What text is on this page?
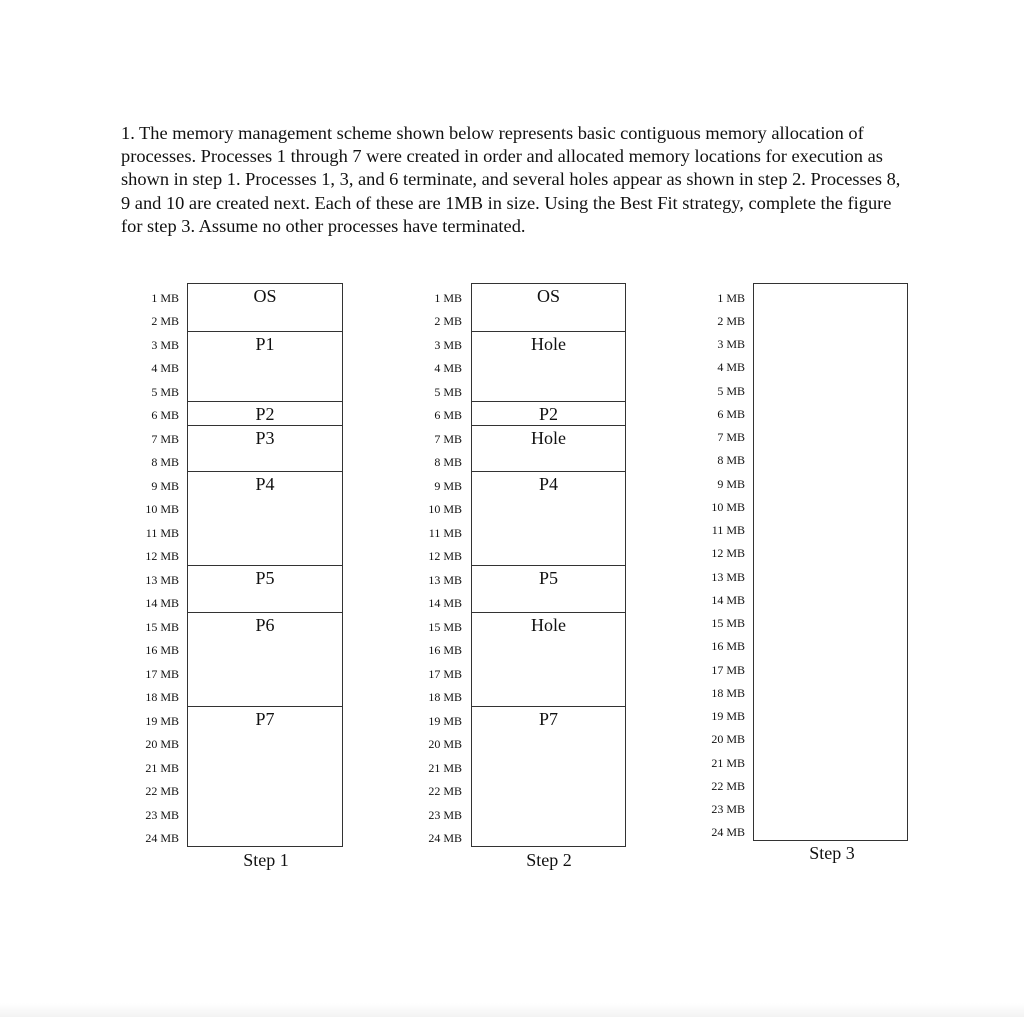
1. The memory management scheme shown below represents basic contiguous memory allocation of processes. Processes 1 through 7 were created in order and allocated memory locations for execution as shown in step 1. Processes 1, 3, and 6 terminate, and several holes appear as shown in step 2. Processes 8, 9 and 10 are created next. Each of these are 1MB in size. Using the Best Fit strategy, complete the figure for step 3. Assume no other processes have terminated.

1 MB
2 MB
3 MB
4 MB
5 MB
6 MB
7 MB
8 MB
9 MB
10 MB
11 MB
12 MB
13 MB
14 MB
15 MB
16 MB
17 MB
18 MB
19 MB
20 MB
21 MB
22 MB
23 MB
24 MB
OS
P1
P2
P3
P4
P5
P6
P7
Step 1
1 MB
2 MB
3 MB
4 MB
5 MB
6 MB
7 MB
8 MB
9 MB
10 MB
11 MB
12 MB
13 MB
14 MB
15 MB
16 MB
17 MB
18 MB
19 MB
20 MB
21 MB
22 MB
23 MB
24 MB
OS
Hole
P2
Hole
P4
P5
Hole
P7
Step 2
1 MB
2 MB
3 MB
4 MB
5 MB
6 MB
7 MB
8 MB
9 MB
10 MB
11 MB
12 MB
13 MB
14 MB
15 MB
16 MB
17 MB
18 MB
19 MB
20 MB
21 MB
22 MB
23 MB
24 MB
Step 3
